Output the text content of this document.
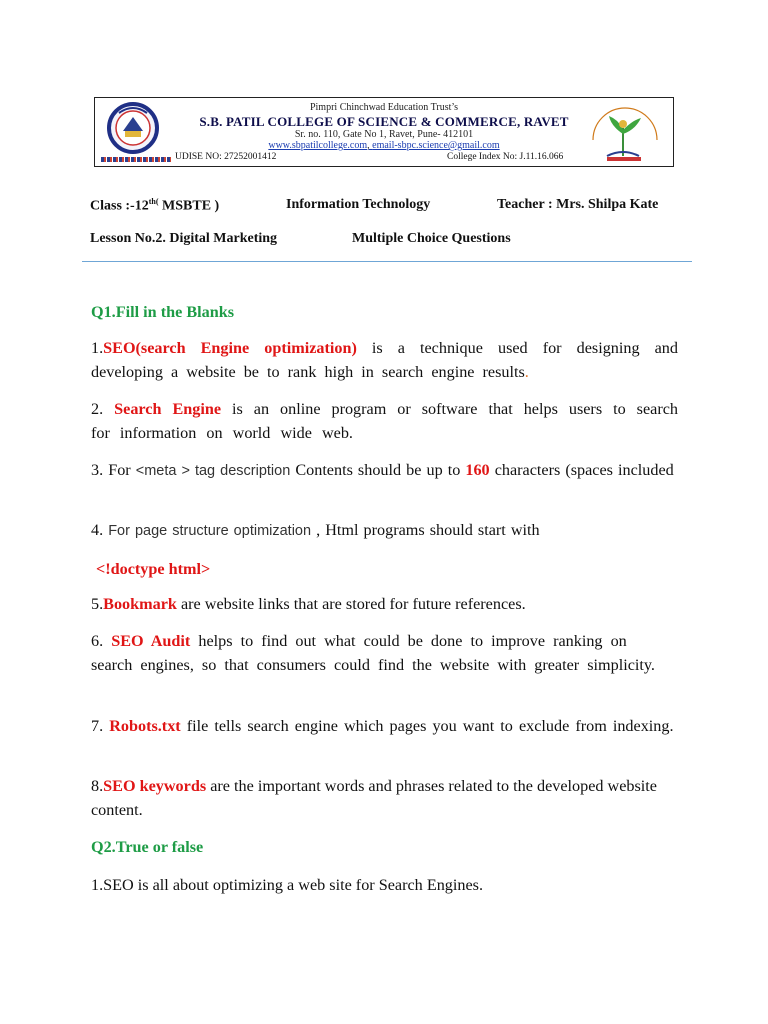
Pimpri Chinchwad Education Trust’s
S.B. PATIL COLLEGE OF SCIENCE & COMMERCE, RAVET
Sr. no. 110, Gate No 1, Ravet, Pune- 412101
www.sbpatilcollege.com, email-sbpc.science@gmail.com
UDISE NO: 27252001412	College Index No: J.11.16.066
Class $:-12^{th(}$ MSBTE )	Information Technology	Teacher : Mrs. Shilpa Kate
Lesson No.2. Digital Marketing	Multiple Choice Questions
Q1.Fill in the Blanks
1.SEO(search Engine optimization) is a technique used for designing and developing a website be to rank high in search engine results.
2. Search Engine is an online program or software that helps users to search for information on world wide web.
3. For <meta > tag description Contents should be up to 160 characters (spaces included
4. For page structure optimization , Html programs should start with
<!doctype html>
5.Bookmark are website links that are stored for future references.
6. SEO Audit helps to find out what could be done to improve ranking on search engines, so that consumers could find the website with greater simplicity.
7. Robots.txt file tells search engine which pages you want to exclude from indexing.
8.SEO keywords are the important words and phrases related to the developed website content.
Q2.True or false
1.SEO is all about optimizing a web site for Search Engines.
